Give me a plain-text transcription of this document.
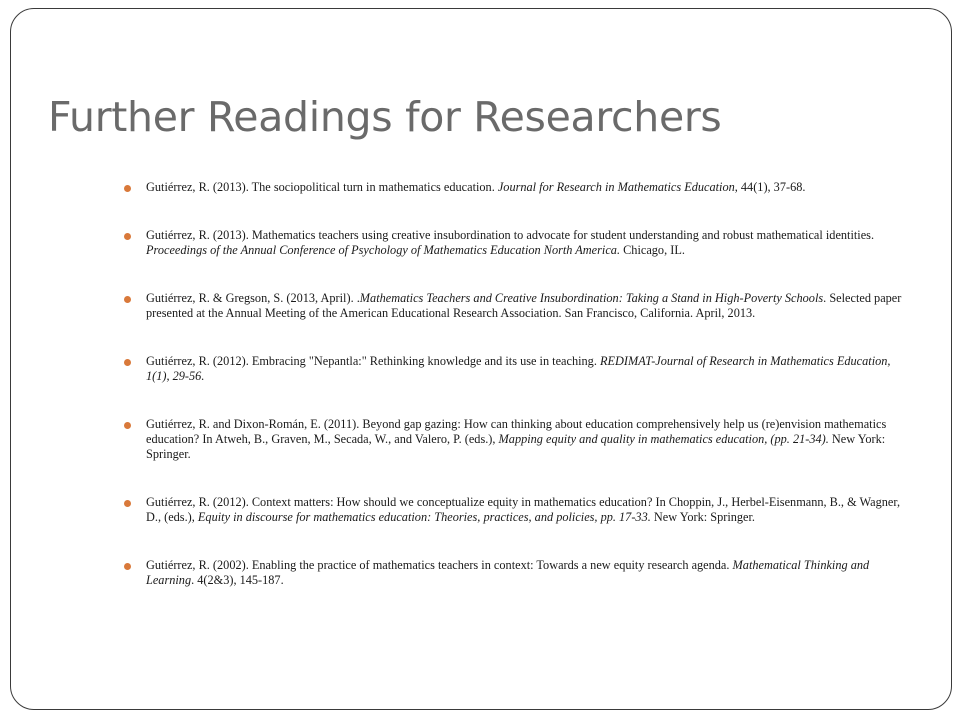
Further Readings for Researchers
Gutiérrez, R. (2013). The sociopolitical turn in mathematics education. Journal for Research in Mathematics Education, 44(1), 37-68.
Gutiérrez, R. (2013). Mathematics teachers using creative insubordination to advocate for student understanding and robust mathematical identities. Proceedings of the Annual Conference of Psychology of Mathematics Education North America. Chicago, IL.
Gutiérrez, R. & Gregson, S. (2013, April). .Mathematics Teachers and Creative Insubordination: Taking a Stand in High-Poverty Schools. Selected paper presented at the Annual Meeting of the American Educational Research Association. San Francisco, California. April, 2013.
Gutiérrez, R. (2012). Embracing "Nepantla:" Rethinking knowledge and its use in teaching. REDIMAT-Journal of Research in Mathematics Education, 1(1), 29-56.
Gutiérrez, R. and Dixon-Román, E. (2011). Beyond gap gazing: How can thinking about education comprehensively help us (re)envision mathematics education? In Atweh, B., Graven, M., Secada, W., and Valero, P. (eds.), Mapping equity and quality in mathematics education, (pp. 21-34). New York: Springer.
Gutiérrez, R. (2012). Context matters: How should we conceptualize equity in mathematics education? In Choppin, J., Herbel-Eisenmann, B., & Wagner, D., (eds.), Equity in discourse for mathematics education: Theories, practices, and policies, pp. 17-33. New York: Springer.
Gutiérrez, R. (2002). Enabling the practice of mathematics teachers in context: Towards a new equity research agenda. Mathematical Thinking and Learning. 4(2&3), 145-187.
